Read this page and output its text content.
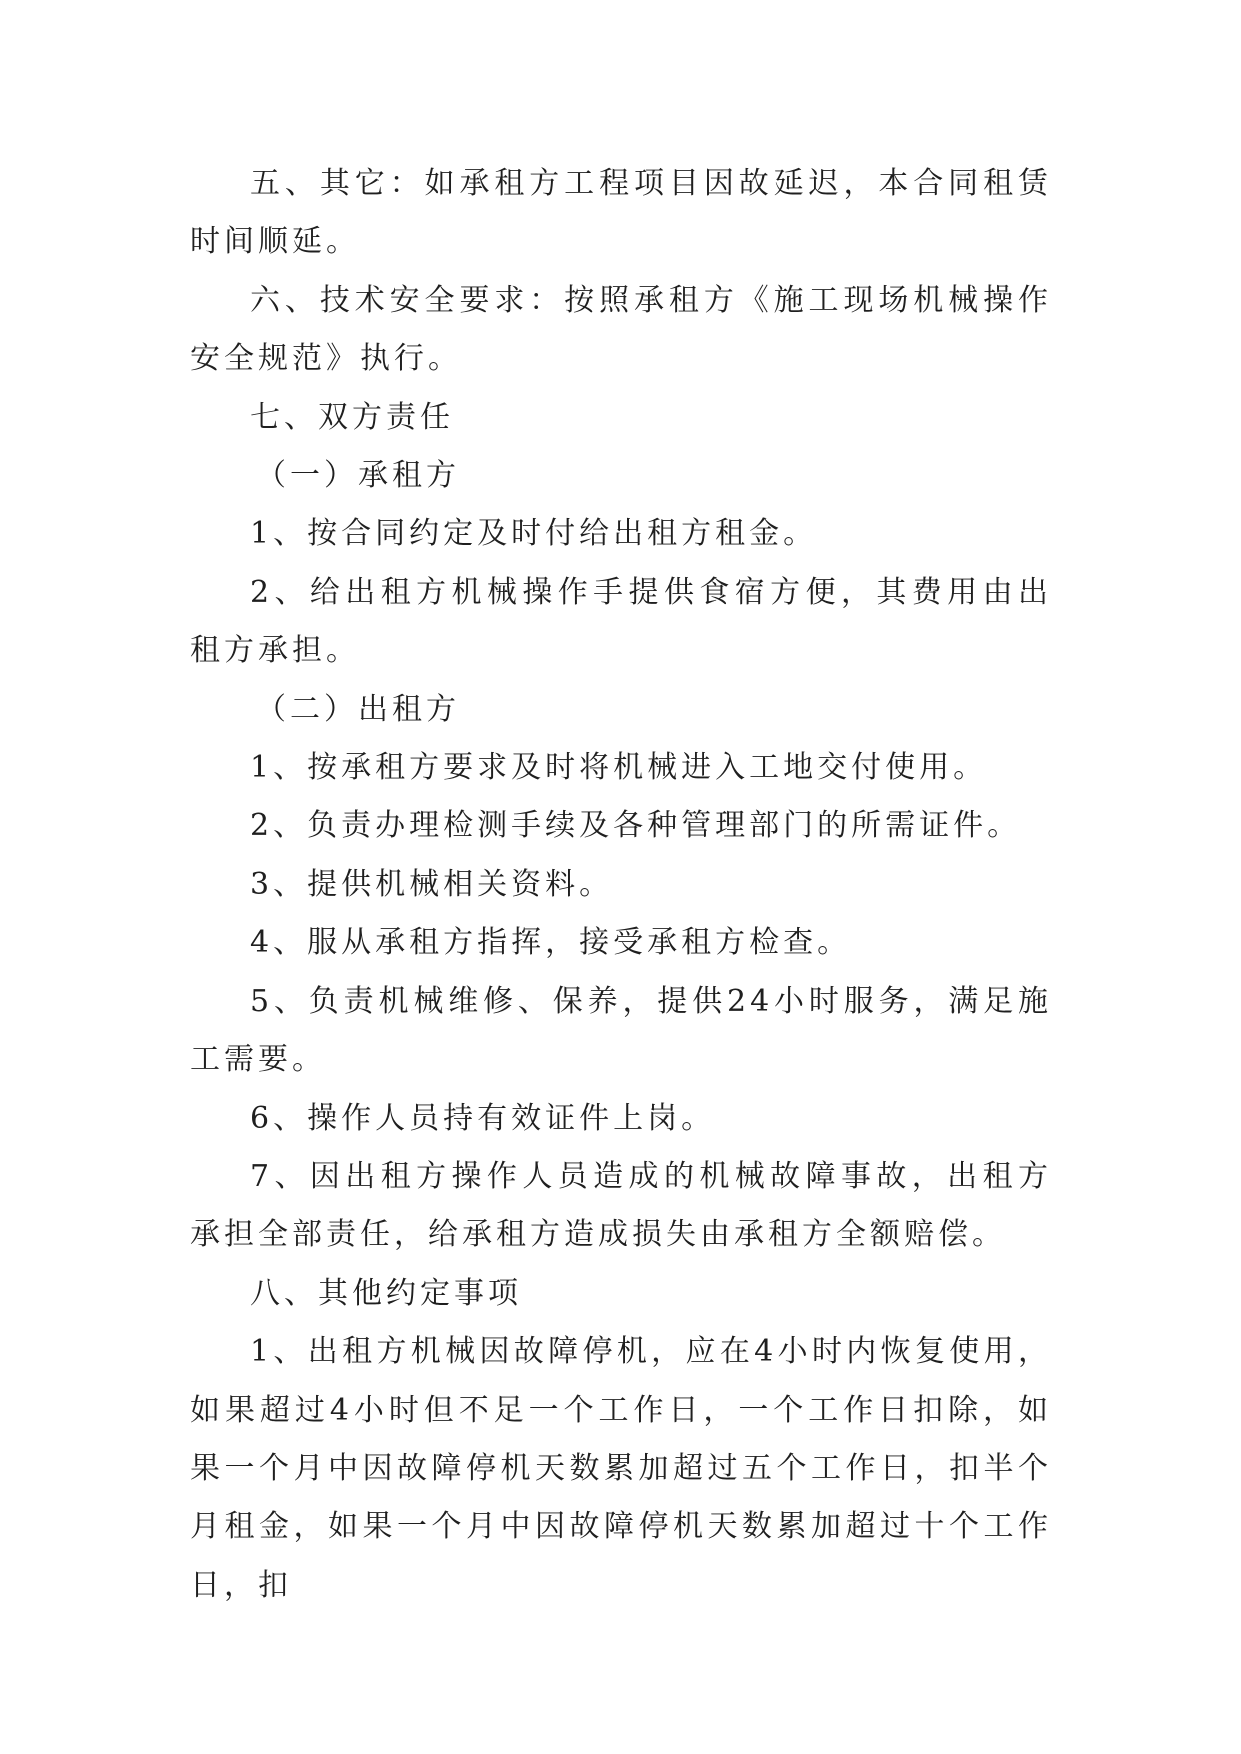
五、其它：如承租方工程项目因故延迟，本合同租赁时间顺延。

六、技术安全要求：按照承租方《施工现场机械操作安全规范》执行。

七、双方责任

（一）承租方

1、按合同约定及时付给出租方租金。

2、给出租方机械操作手提供食宿方便，其费用由出租方承担。

（二）出租方

1、按承租方要求及时将机械进入工地交付使用。

2、负责办理检测手续及各种管理部门的所需证件。

3、提供机械相关资料。

4、服从承租方指挥，接受承租方检查。

5、负责机械维修、保养，提供24小时服务，满足施工需要。

6、操作人员持有效证件上岗。

7、因出租方操作人员造成的机械故障事故，出租方承担全部责任，给承租方造成损失由承租方全额赔偿。

八、其他约定事项

1、出租方机械因故障停机，应在4小时内恢复使用，如果超过4小时但不足一个工作日，一个工作日扣除，如果一个月中因故障停机天数累加超过五个工作日，扣半个月租金，如果一个月中因故障停机天数累加超过十个工作日，扣
